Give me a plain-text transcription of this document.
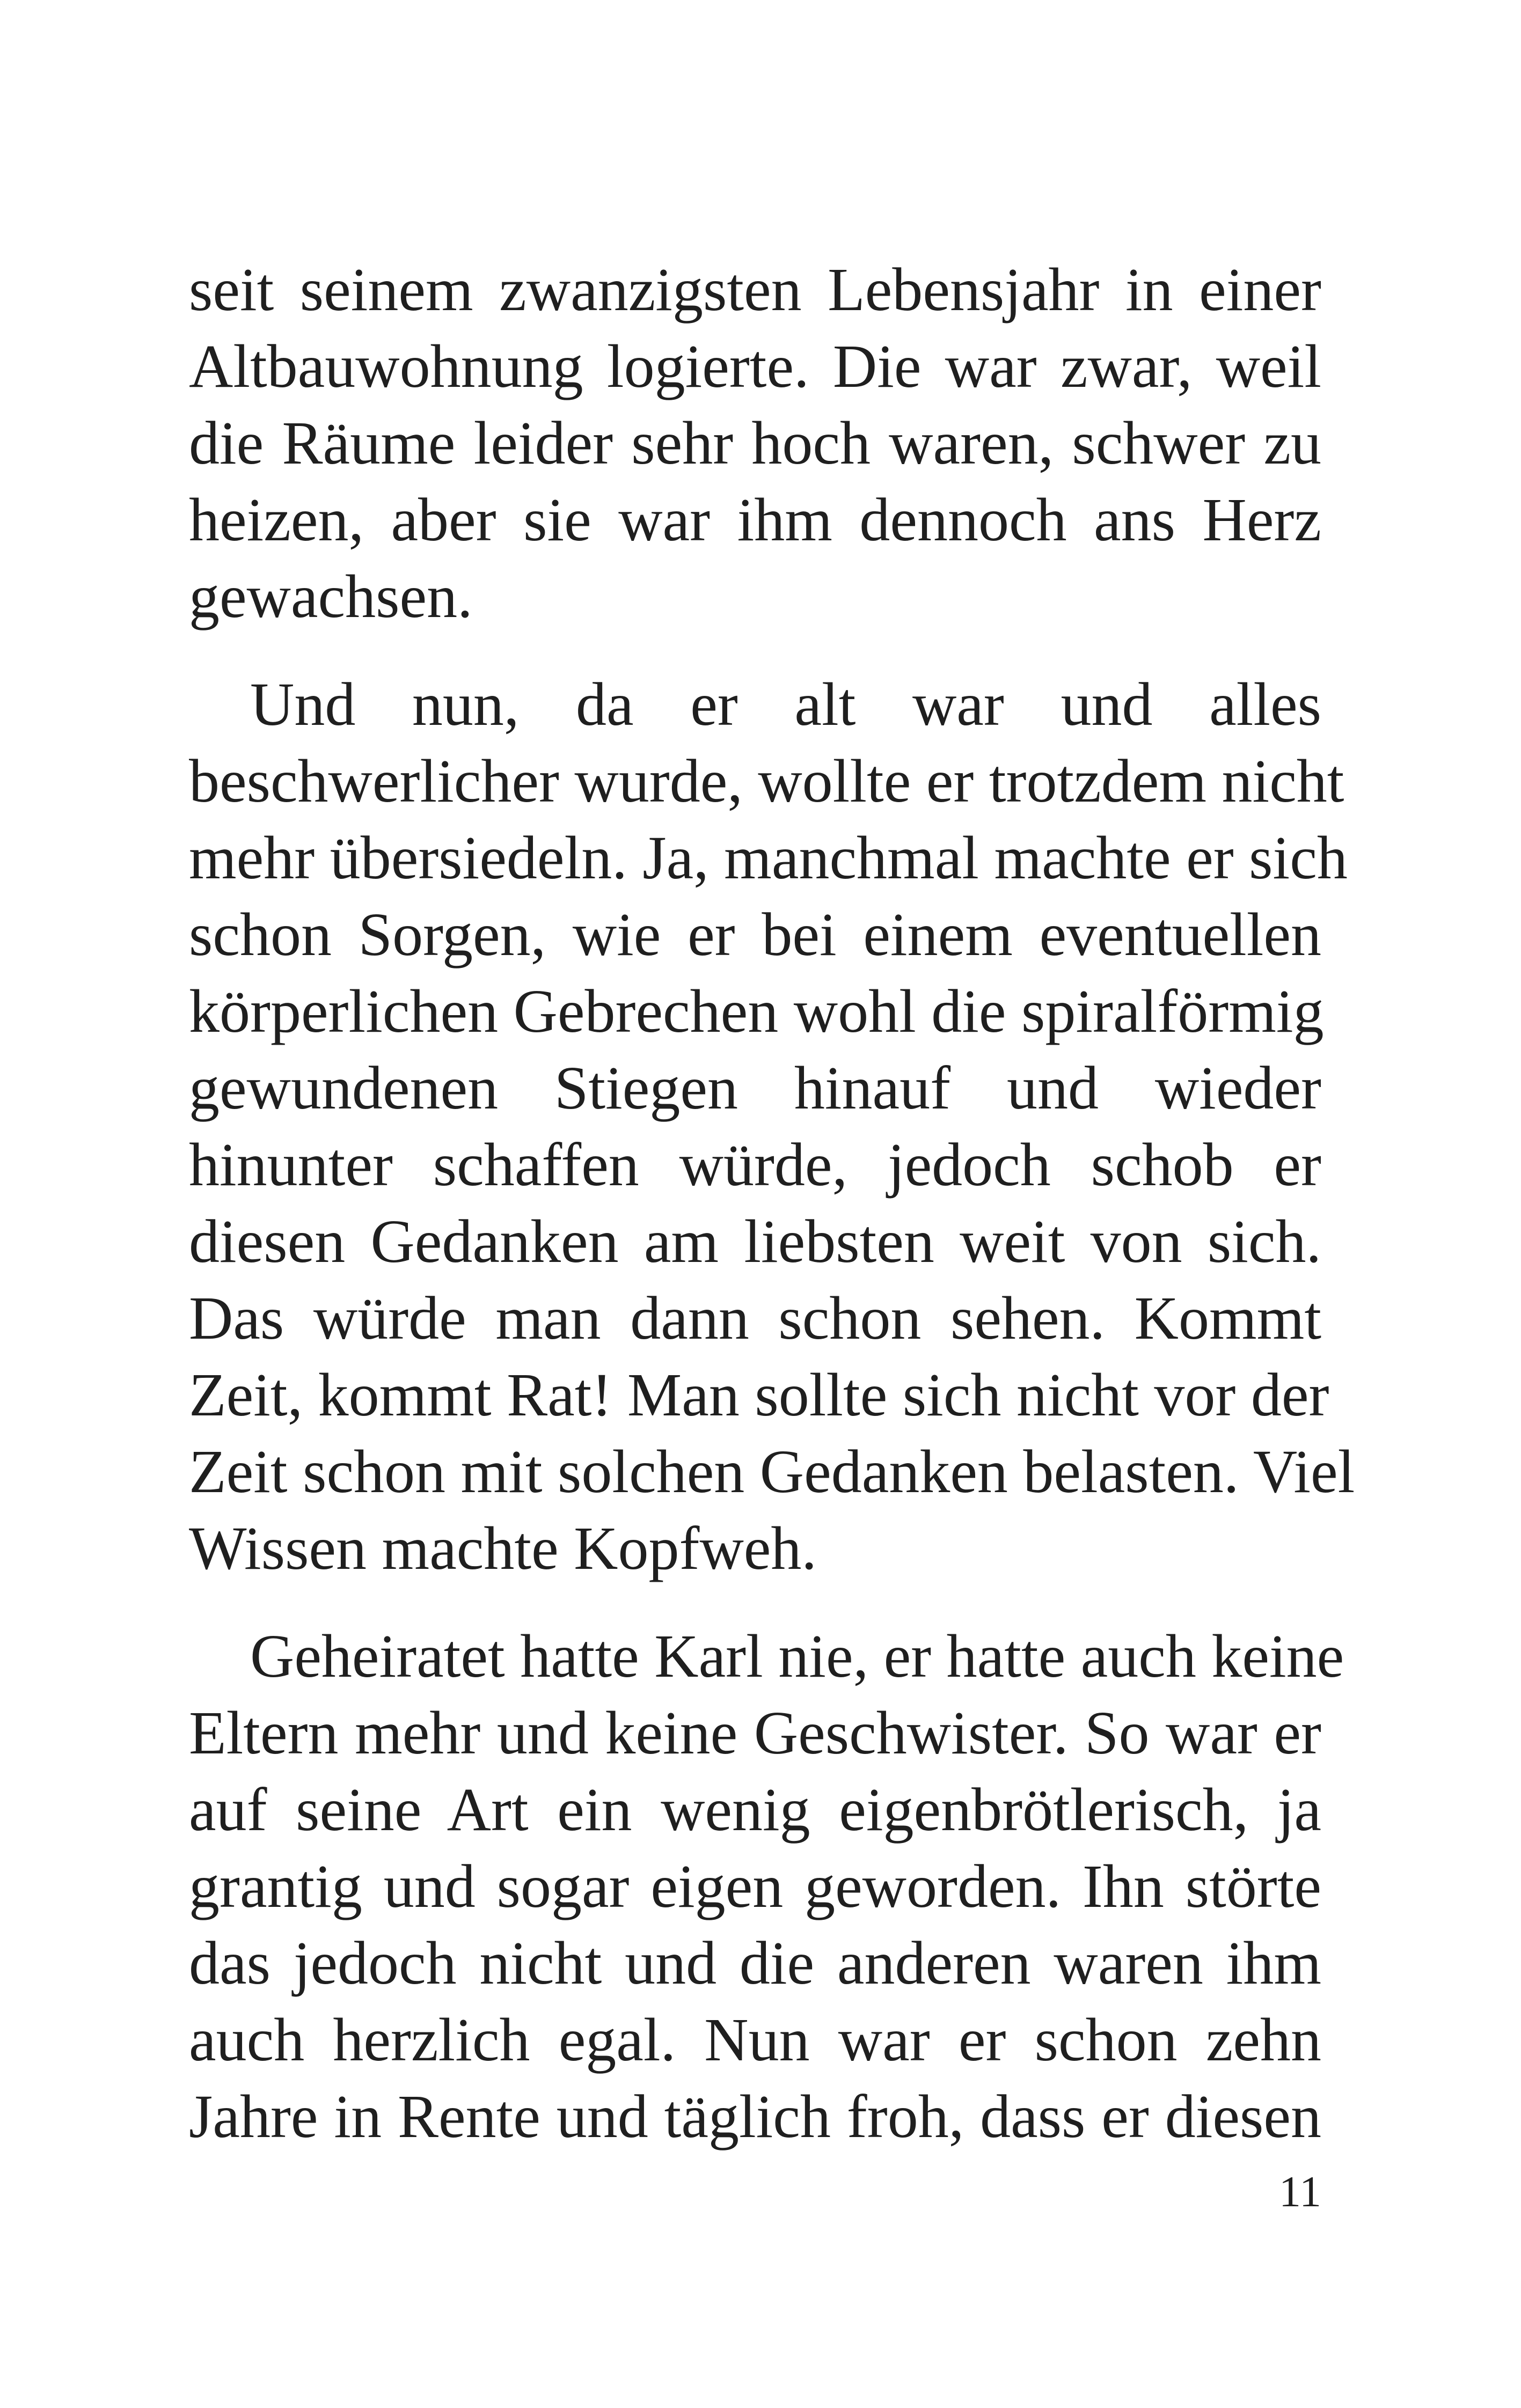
seit seinem zwanzigsten Lebensjahr in einer
Altbauwohnung logierte. Die war zwar, weil
die Räume leider sehr hoch waren, schwer zu
heizen, aber sie war ihm dennoch ans Herz
gewachsen.

Und nun, da er alt war und alles
beschwerlicher wurde, wollte er trotzdem nicht
mehr übersiedeln. Ja, manchmal machte er sich
schon Sorgen, wie er bei einem eventuellen
körperlichen Gebrechen wohl die spiralförmig
gewundenen Stiegen hinauf und wieder
hinunter schaffen würde, jedoch schob er
diesen Gedanken am liebsten weit von sich.
Das würde man dann schon sehen. Kommt
Zeit, kommt Rat! Man sollte sich nicht vor der
Zeit schon mit solchen Gedanken belasten. Viel
Wissen machte Kopfweh.

Geheiratet hatte Karl nie, er hatte auch keine
Eltern mehr und keine Geschwister. So war er
auf seine Art ein wenig eigenbrötlerisch, ja
grantig und sogar eigen geworden. Ihn störte
das jedoch nicht und die anderen waren ihm
auch herzlich egal. Nun war er schon zehn
Jahre in Rente und täglich froh, dass er diesen

11
